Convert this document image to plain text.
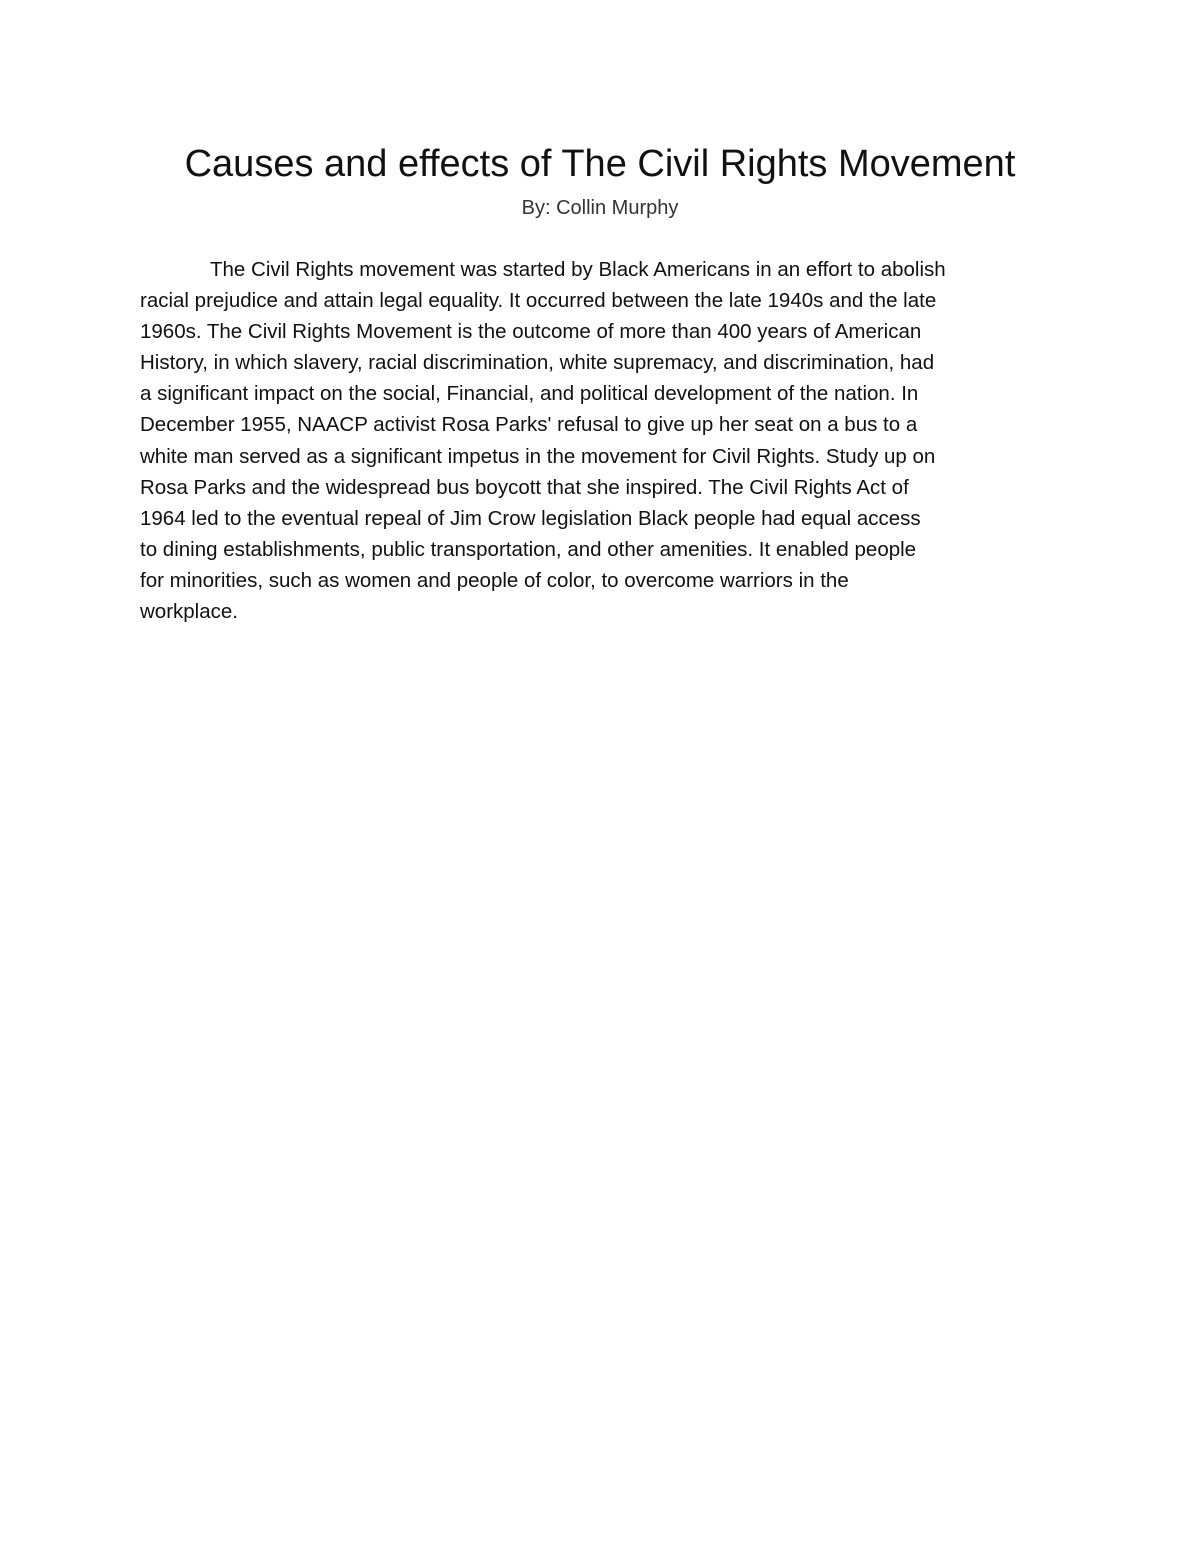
Causes and effects of The Civil Rights Movement

By: Collin Murphy

The Civil Rights movement was started by Black Americans in an effort to abolish
racial prejudice and attain legal equality. It occurred between the late 1940s and the late
1960s. The Civil Rights Movement is the outcome of more than 400 years of American
History, in which slavery, racial discrimination, white supremacy, and discrimination, had
a significant impact on the social, Financial, and political development of the nation. In
December 1955, NAACP activist Rosa Parks' refusal to give up her seat on a bus to a
white man served as a significant impetus in the movement for Civil Rights. Study up on
Rosa Parks and the widespread bus boycott that she inspired. The Civil Rights Act of
1964 led to the eventual repeal of Jim Crow legislation Black people had equal access
to dining establishments, public transportation, and other amenities. It enabled people
for minorities, such as women and people of color, to overcome warriors in the
workplace.
